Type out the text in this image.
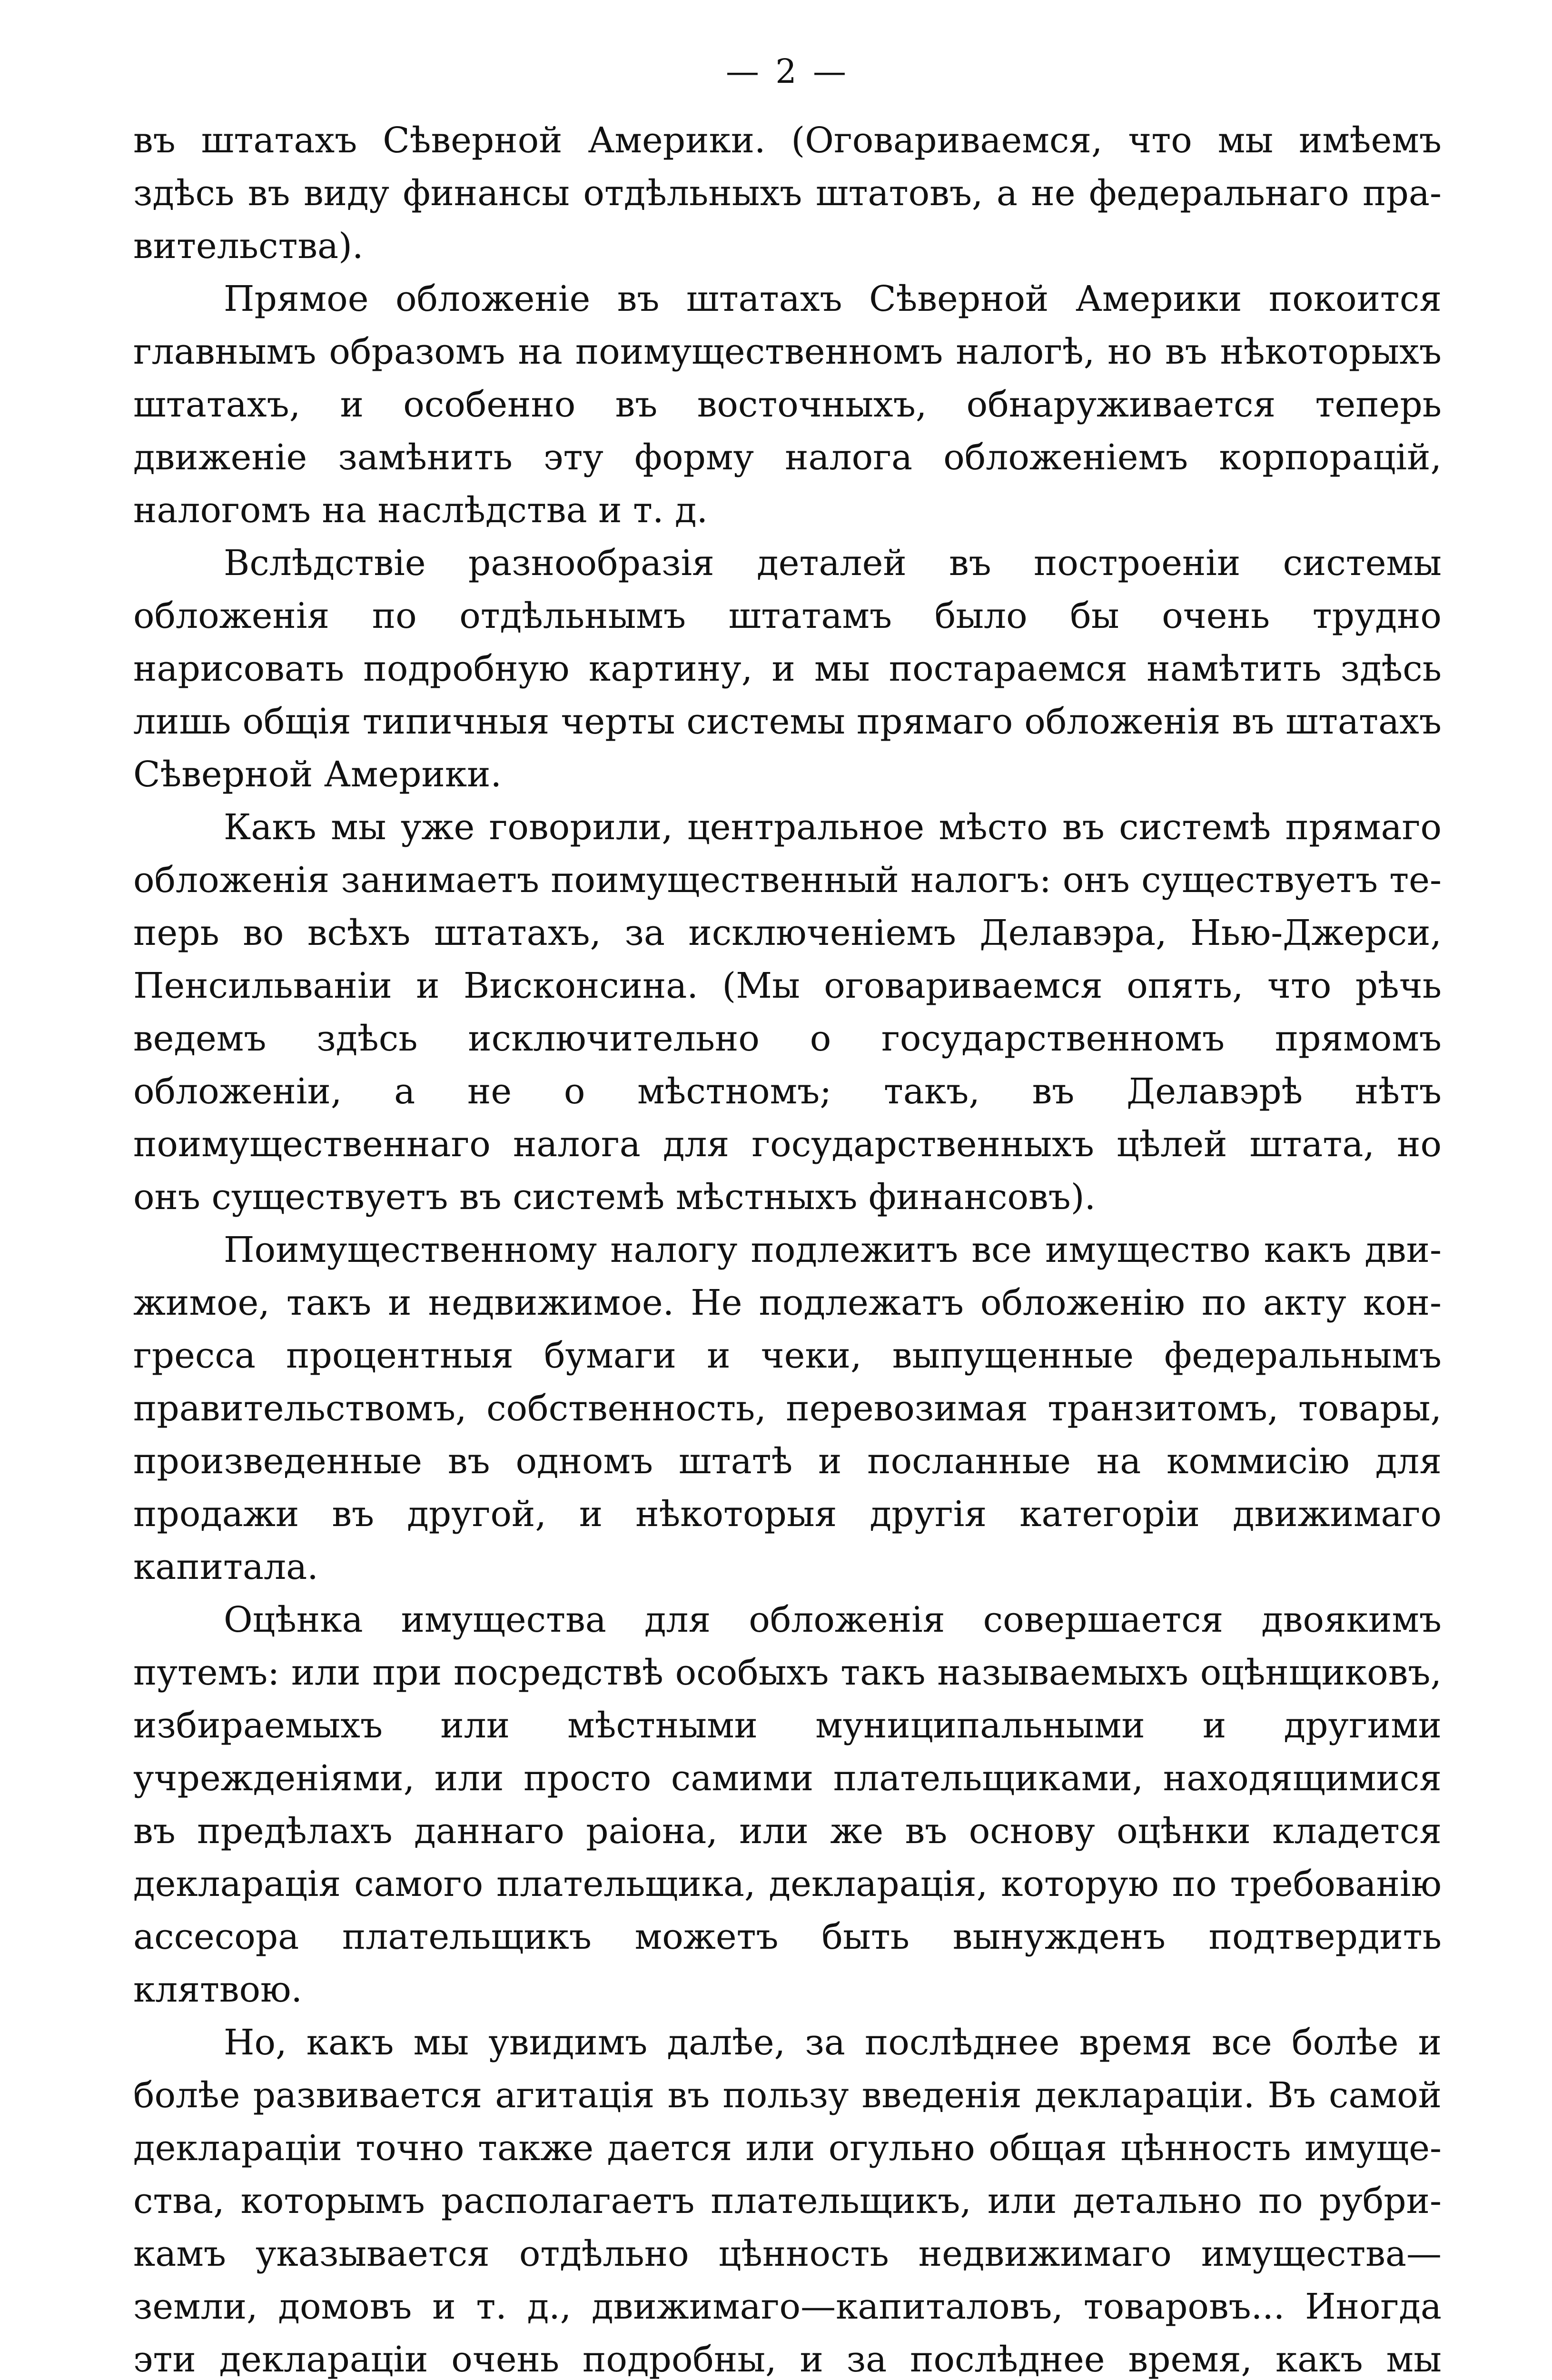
— 2 —

въ штатахъ Сѣверной Америки. (Оговариваемся, что мы имѣемъ здѣсь въ виду финансы отдѣльныхъ штатовъ, а не федеральнаго правительства).

Прямое обложеніе въ штатахъ Сѣверной Америки покоится главнымъ образомъ на поимущественномъ налогѣ, но въ нѣкоторыхъ штатахъ, и особенно въ восточныхъ, обнаруживается теперь движеніе замѣнить эту форму налога обложеніемъ корпорацій, налогомъ на наслѣдства и т. д.

Вслѣдствіе разнообразія деталей въ построеніи системы обложенія по отдѣльнымъ штатамъ было бы очень трудно нарисовать подробную картину, и мы постараемся намѣтить здѣсь лишь общія типичныя черты системы прямаго обложенія въ штатахъ Сѣверной Америки.

Какъ мы уже говорили, центральное мѣсто въ системѣ прямаго обложенія занимаетъ поимущественный налогъ: онъ существуетъ теперь во всѣхъ штатахъ, за исключеніемъ Делавэра, Нью-Джерси, Пенсильваніи и Висконсина. (Мы оговариваемся опять, что рѣчь ведемъ здѣсь исключительно о государственномъ прямомъ обложеніи, а не о мѣстномъ; такъ, въ Делавэрѣ нѣтъ поимущественнаго налога для государственныхъ цѣлей штата, но онъ существуетъ въ системѣ мѣстныхъ финансовъ).

Поимущественному налогу подлежитъ все имущество какъ движимое, такъ и недвижимое. Не подлежатъ обложенію по акту конгресса процентныя бумаги и чеки, выпущенные федеральнымъ правительствомъ, собственность, перевозимая транзитомъ, товары, произведенные въ одномъ штатѣ и посланные на коммисію для продажи въ другой, и нѣкоторыя другія категоріи движимаго капитала.

Оцѣнка имущества для обложенія совершается двоякимъ путемъ: или при посредствѣ особыхъ такъ называемыхъ оцѣнщиковъ, избираемыхъ или мѣстными муниципальными и другими учрежденіями, или просто самими плательщиками, находящимися въ предѣлахъ даннаго раіона, или же въ основу оцѣнки кладется декларація самого плательщика, декларація, которую по требованію ассесора плательщикъ можетъ быть вынужденъ подтвердить клятвою.

Но, какъ мы увидимъ далѣе, за послѣднее время все болѣе и болѣе развивается агитація въ пользу введенія деклараціи. Въ самой деклараціи точно также дается или огульно общая цѣнность имущества, которымъ располагаетъ плательщикъ, или детально по рубрикамъ указывается отдѣльно цѣнность недвижимаго имущества—земли, домовъ и т. д., движимаго—капиталовъ, товаровъ... Иногда эти деклараціи очень подробны, и за послѣднее время, какъ мы
